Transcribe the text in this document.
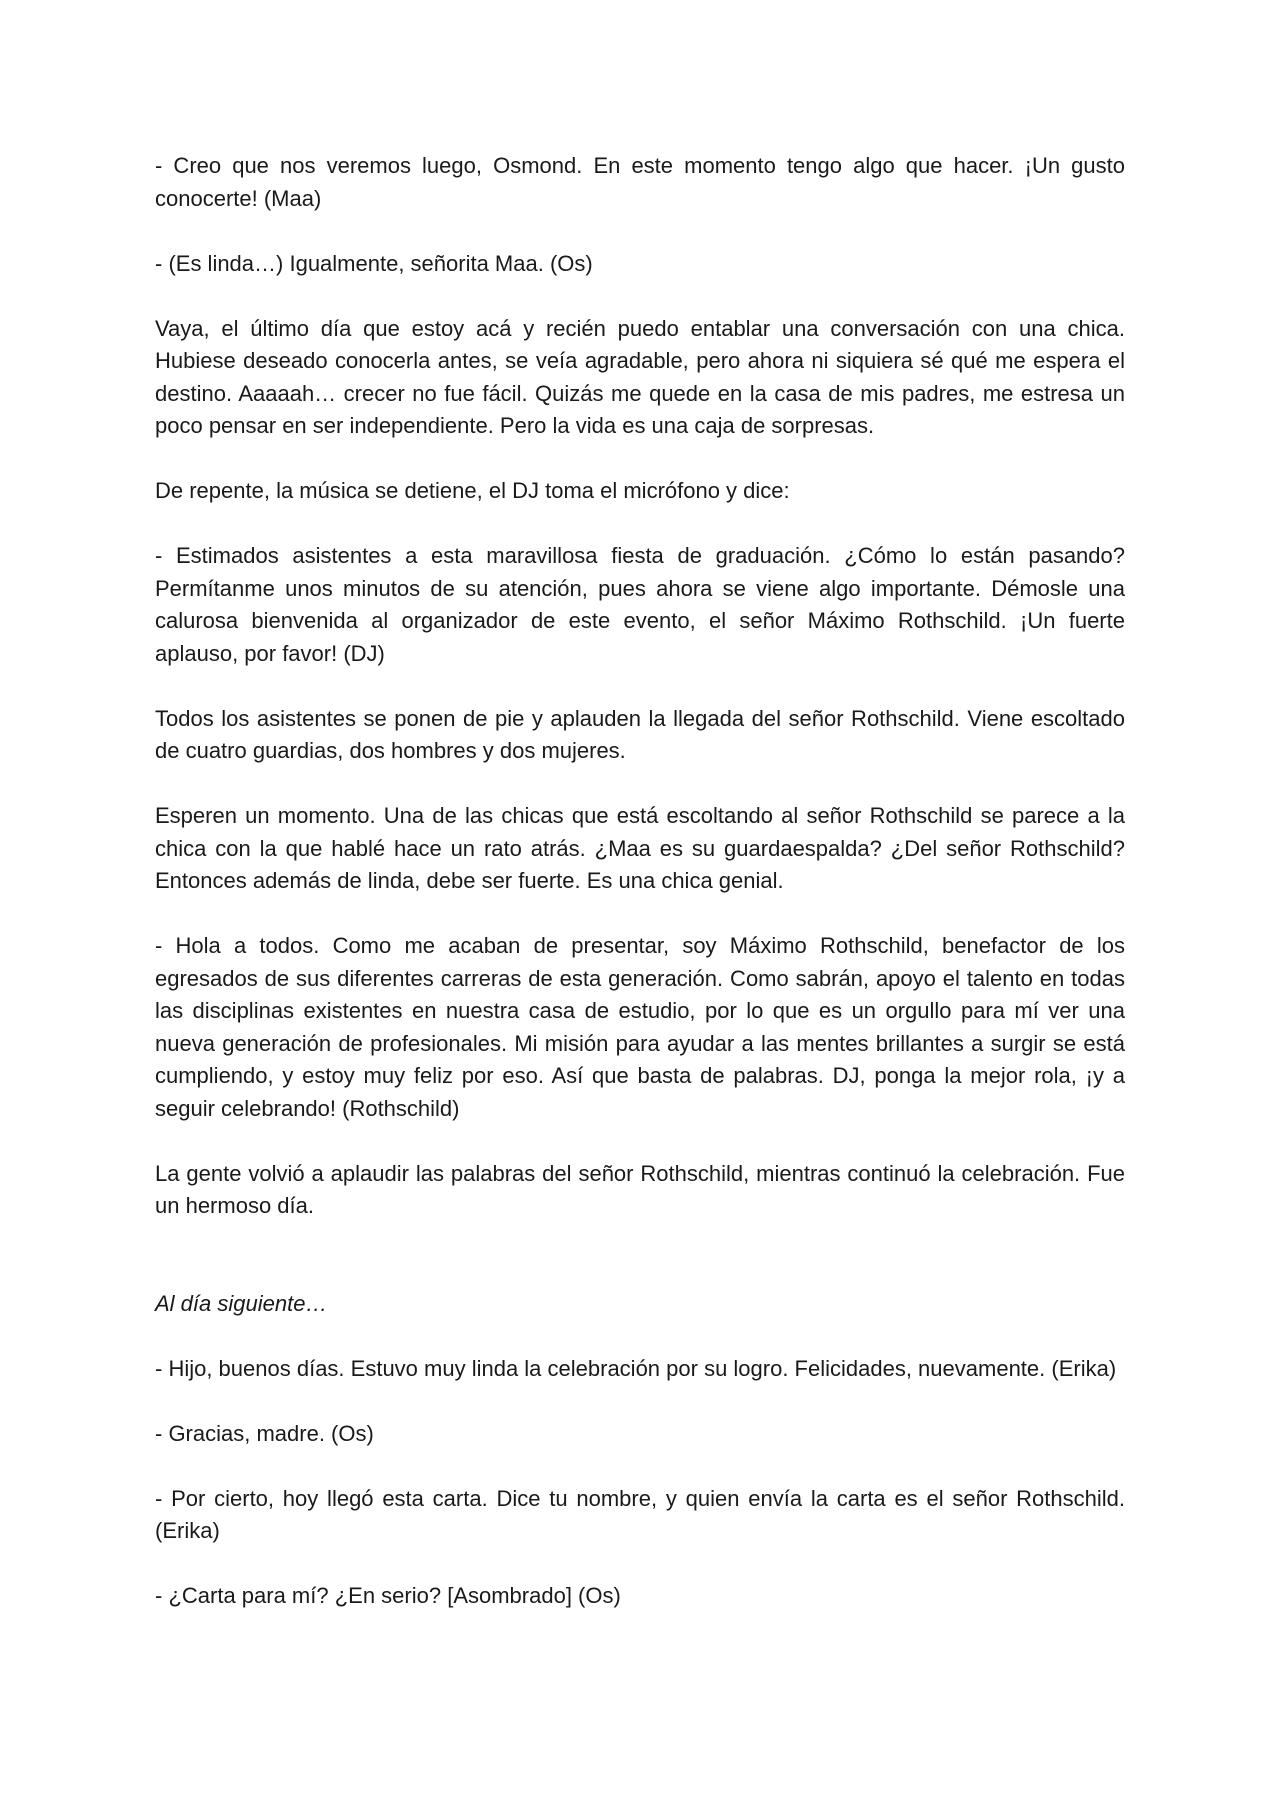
- Creo que nos veremos luego, Osmond. En este momento tengo algo que hacer. ¡Un gusto conocerte! (Maa)

- (Es linda…) Igualmente, señorita Maa. (Os)

Vaya, el último día que estoy acá y recién puedo entablar una conversación con una chica. Hubiese deseado conocerla antes, se veía agradable, pero ahora ni siquiera sé qué me espera el destino. Aaaaah… crecer no fue fácil. Quizás me quede en la casa de mis padres, me estresa un poco pensar en ser independiente. Pero la vida es una caja de sorpresas.

De repente, la música se detiene, el DJ toma el micrófono y dice:

- Estimados asistentes a esta maravillosa fiesta de graduación. ¿Cómo lo están pasando? Permítanme unos minutos de su atención, pues ahora se viene algo importante. Démosle una calurosa bienvenida al organizador de este evento, el señor Máximo Rothschild. ¡Un fuerte aplauso, por favor! (DJ)

Todos los asistentes se ponen de pie y aplauden la llegada del señor Rothschild. Viene escoltado de cuatro guardias, dos hombres y dos mujeres.

Esperen un momento. Una de las chicas que está escoltando al señor Rothschild se parece a la chica con la que hablé hace un rato atrás. ¿Maa es su guardaespalda? ¿Del señor Rothschild? Entonces además de linda, debe ser fuerte. Es una chica genial.

- Hola a todos. Como me acaban de presentar, soy Máximo Rothschild, benefactor de los egresados de sus diferentes carreras de esta generación. Como sabrán, apoyo el talento en todas las disciplinas existentes en nuestra casa de estudio, por lo que es un orgullo para mí ver una nueva generación de profesionales. Mi misión para ayudar a las mentes brillantes a surgir se está cumpliendo, y estoy muy feliz por eso. Así que basta de palabras. DJ, ponga la mejor rola, ¡y a seguir celebrando! (Rothschild)

La gente volvió a aplaudir las palabras del señor Rothschild, mientras continuó la celebración. Fue un hermoso día.

Al día siguiente…

- Hijo, buenos días. Estuvo muy linda la celebración por su logro. Felicidades, nuevamente. (Erika)

- Gracias, madre. (Os)

- Por cierto, hoy llegó esta carta. Dice tu nombre, y quien envía la carta es el señor Rothschild. (Erika)

- ¿Carta para mí? ¿En serio? [Asombrado] (Os)
